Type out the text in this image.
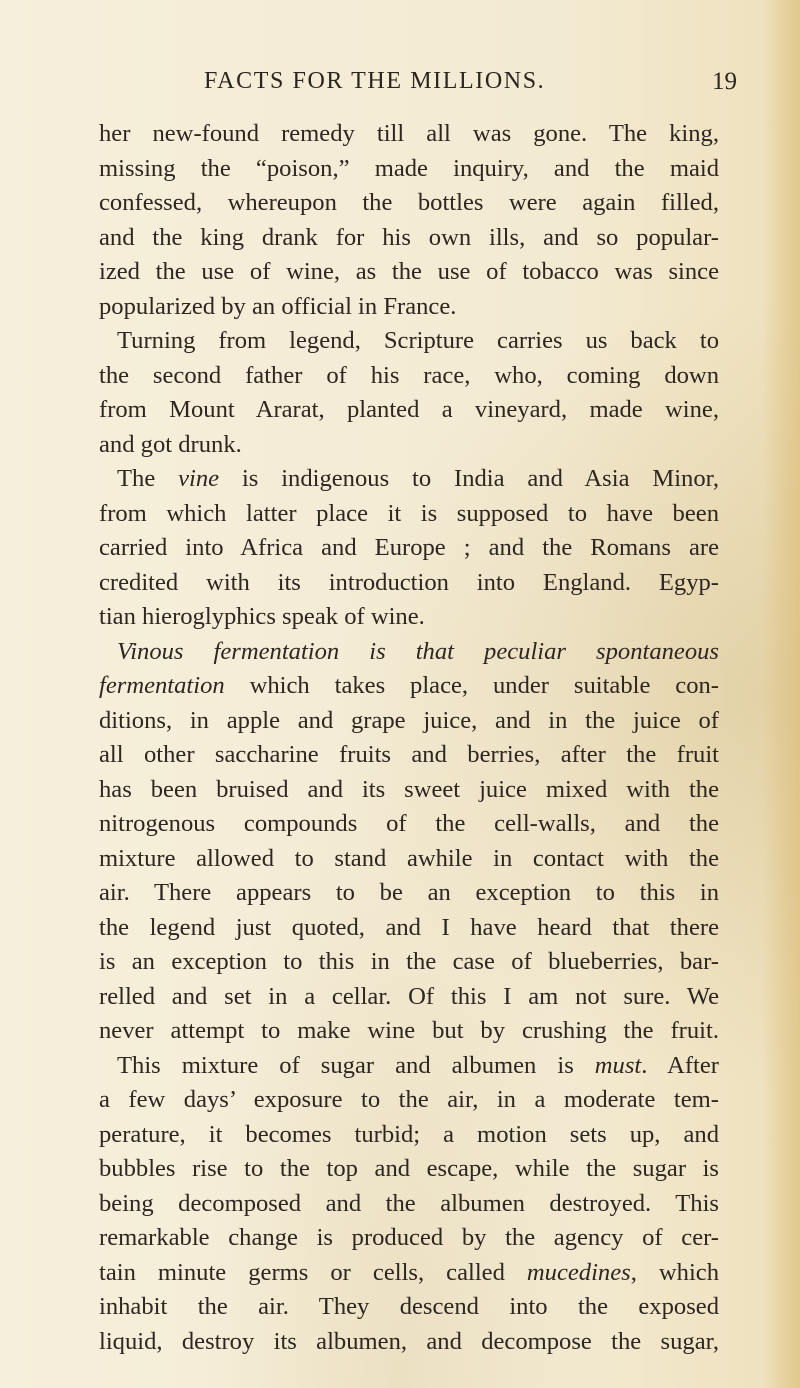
FACTS FOR THE MILLIONS.	19
her new-found remedy till all was gone. The king,
missing the “poison,” made inquiry, and the maid
confessed, whereupon the bottles were again filled,
and the king drank for his own ills, and so popular-
ized the use of wine, as the use of tobacco was since
popularized by an official in France.
Turning from legend, Scripture carries us back to
the second father of his race, who, coming down
from Mount Ararat, planted a vineyard, made wine,
and got drunk.
The vine is indigenous to India and Asia Minor,
from which latter place it is supposed to have been
carried into Africa and Europe ; and the Romans are
credited with its introduction into England. Egyp-
tian hieroglyphics speak of wine.
Vinous fermentation is that peculiar spontaneous
fermentation which takes place, under suitable con-
ditions, in apple and grape juice, and in the juice of
all other saccharine fruits and berries, after the fruit
has been bruised and its sweet juice mixed with the
nitrogenous compounds of the cell-walls, and the
mixture allowed to stand awhile in contact with the
air. There appears to be an exception to this in
the legend just quoted, and I have heard that there
is an exception to this in the case of blueberries, bar-
relled and set in a cellar. Of this I am not sure. We
never attempt to make wine but by crushing the fruit.
This mixture of sugar and albumen is must. After
a few days’ exposure to the air, in a moderate tem-
perature, it becomes turbid; a motion sets up, and
bubbles rise to the top and escape, while the sugar is
being decomposed and the albumen destroyed. This
remarkable change is produced by the agency of cer-
tain minute germs or cells, called mucedines, which
inhabit the air. They descend into the exposed
liquid, destroy its albumen, and decompose the sugar,
